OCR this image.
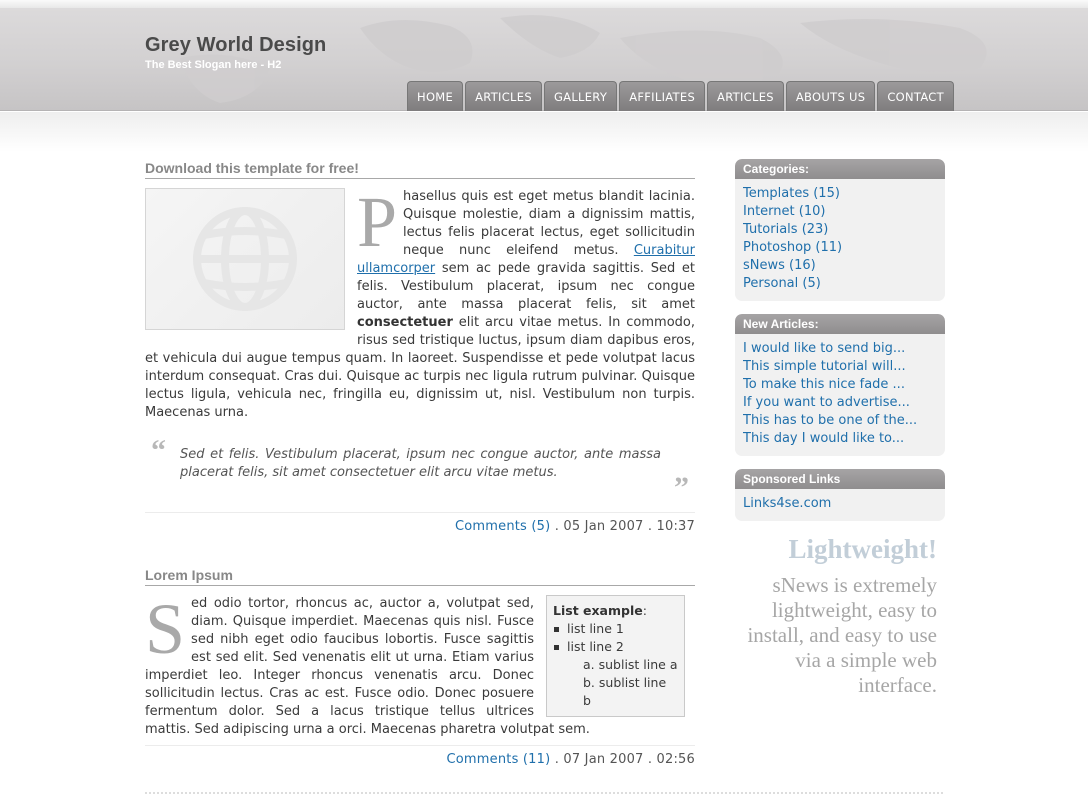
Grey World Design
The Best Slogan here - H2
HOME	ARTICLES	GALLERY	AFFILIATES	ARTICLES	ABOUTS US	CONTACT
Download this template for free!
P hasellus quis est eget metus blandit lacinia. Quisque molestie, diam a dignissim mattis, lectus felis placerat lectus, eget sollicitudin neque nunc eleifend metus. Curabitur ullamcorper sem ac pede gravida sagittis. Sed et felis. Vestibulum placerat, ipsum nec congue auctor, ante massa placerat felis, sit amet consectetuer elit arcu vitae metus. In commodo, risus sed tristique luctus, ipsum diam dapibus eros, et vehicula dui augue tempus quam. In laoreet. Suspendisse et pede volutpat lacus interdum consequat. Cras dui. Quisque ac turpis nec ligula rutrum pulvinar. Quisque lectus ligula, vehicula nec, fringilla eu, dignissim ut, nisl. Vestibulum non turpis. Maecenas urna.
“ Sed et felis. Vestibulum placerat, ipsum nec congue auctor, ante massa placerat felis, sit amet consectetuer elit arcu vitae metus.	”
Comments (5) . 05 Jan 2007 . 10:37
Lorem Ipsum
List example:
list line 1
list line 2
a. sublist line a
b. sublist line b
S ed odio tortor, rhoncus ac, auctor a, volutpat sed, diam. Quisque imperdiet. Maecenas quis nisl. Fusce sed nibh eget odio faucibus lobortis. Fusce sagittis est sed elit. Sed venenatis elit ut urna. Etiam varius imperdiet leo. Integer rhoncus venenatis arcu. Donec sollicitudin lectus. Cras ac est. Fusce odio. Donec posuere fermentum dolor. Sed a lacus tristique tellus ultrices mattis. Sed adipiscing urna a orci. Maecenas pharetra volutpat sem.
Comments (11) . 07 Jan 2007 . 02:56
Categories:
Templates (15)
Internet (10)
Tutorials (23)
Photoshop (11)
sNews (16)
Personal (5)
New Articles:
I would like to send big...
This simple tutorial will...
To make this nice fade ...
If you want to advertise...
This has to be one of the...
This day I would like to...
Sponsored Links
Links4se.com
Lightweight!
sNews is extremely lightweight, easy to install, and easy to use via a simple web interface.
